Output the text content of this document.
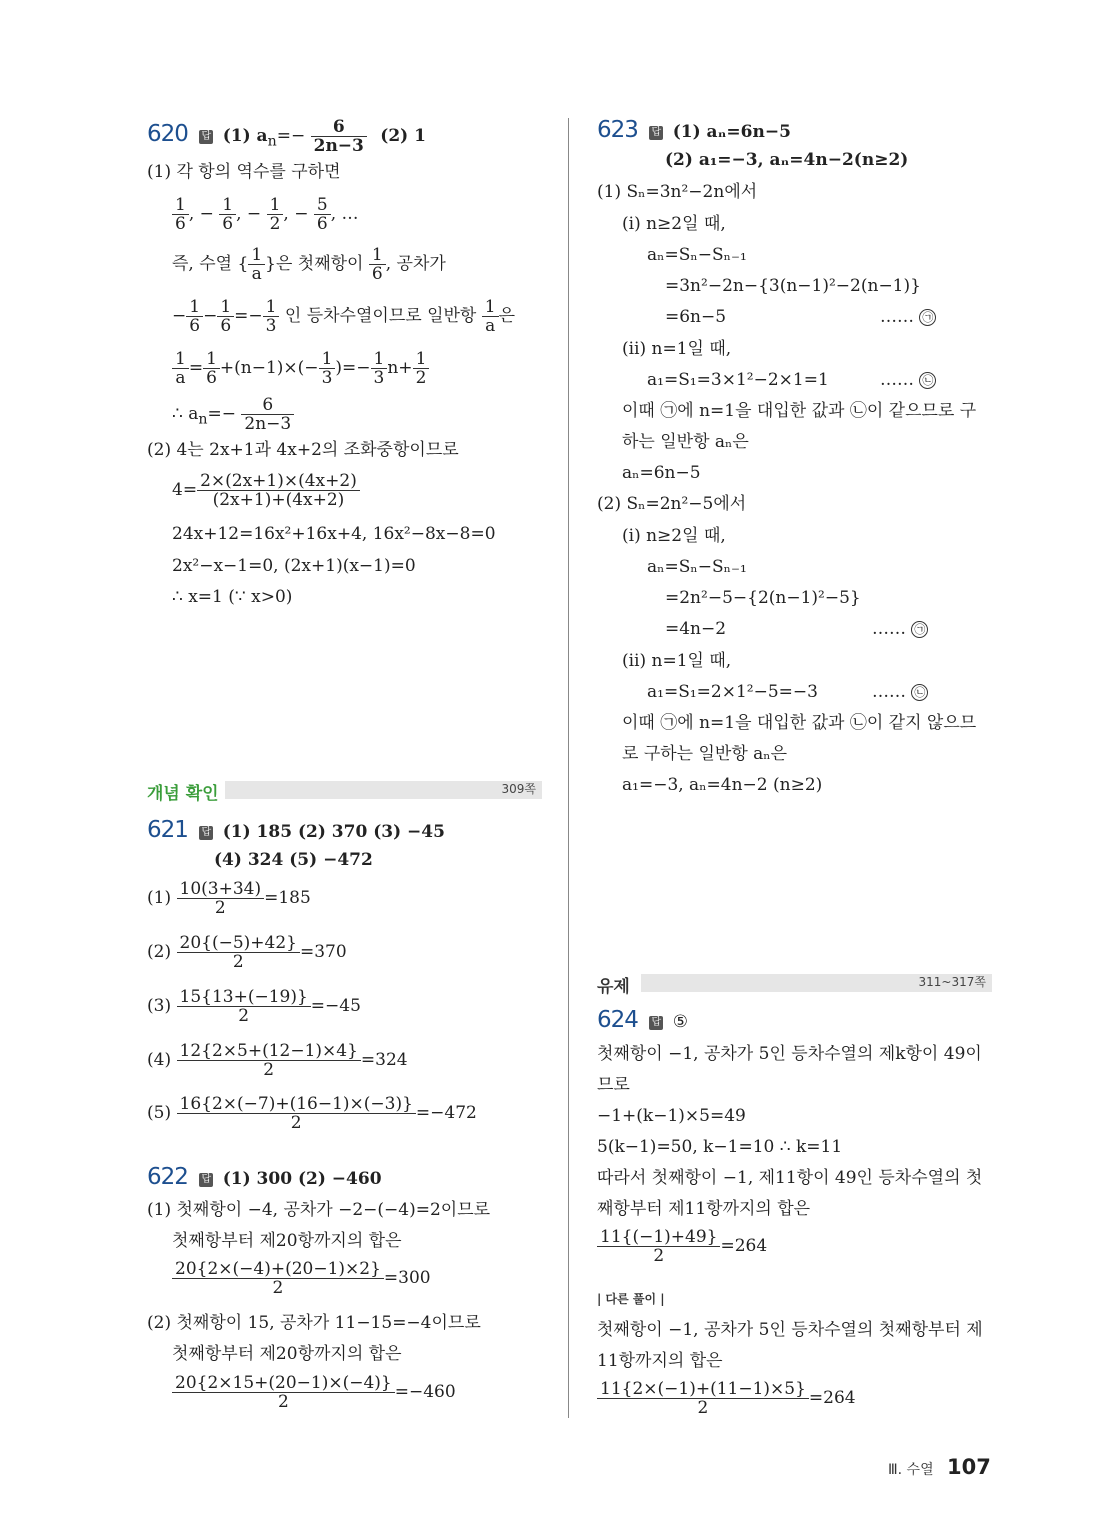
620 답 (1) $a_n=- \frac{6}{2n-3} (2)$ 1
(1) 각 항의 역수를 구하면
$\frac{1}{6}$ , − $\frac{1}{6}$ , − $\frac{1}{2}$ , − $\frac{5}{6}$ , …
즉, 수열 { $\frac{1}{a}$ }은 첫째항이 $\frac{1}{6}$ , 공차가
− $\frac{1}{6} - \frac{1}{6} =- \frac{1}{3}$ 인 등차수열이므로 일반항 $\frac{1}{a}$ 은
$\frac{1}{a} = \frac{1}{6} +(n-1)\times(- \frac{1}{3}$ )=− $\frac{1}{3} n+ \frac{1}{2}$
∴ $a_n=- \frac{6}{2n-3}$
(2) 4는 2x+1과 4x+2의 조화중항이므로
$4= \frac{2\times(2x+1)\times(4x+2)}{(2x+1)+(4x+2)}$
24x+12=16x²+16x+4, 16x²−8x−8=0
2x²−x−1=0, (2x+1)(x−1)=0
∴ x=1 (∵ x>0)
개념 확인	309쪽
621 답 (1) 185 (2) 370 (3) −45
(4) 324 (5) −472
$(1) \frac{10(3+34)}{2} =185$
$(2) \frac{20\{(-5)+42\}}{2} =370$
$(3) \frac{15\{13+(-19)\}}{2} =-45$
$(4) \frac{12\{2\times 5+(12-1)\times 4\}}{2} =324$
$(5) \frac{16\{2\times(-7)+(16-1)\times(-3)\}}{2} =-472$
622 답 (1) 300 (2) −460
(1) 첫째항이 −4, 공차가 −2−(−4)=2이므로
첫째항부터 제20항까지의 합은
$\frac{20\{2\times(-4)+(20-1)\times 2\}}{2} =300$
(2) 첫째항이 15, 공차가 11−15=−4이므로
첫째항부터 제20항까지의 합은
$\frac{20\{2\times 15+(20-1)\times(-4)\}}{2} =-460$
623 답 (1) aₙ=6n−5
(2) a₁=−3, aₙ=4n−2(n≥2)
(1) Sₙ=3n²−2n에서
(ⅰ) n≥2일 때,
aₙ=Sₙ−Sₙ₋₁
=3n²−2n−{3(n−1)²−2(n−1)}
=6n−5	…… ㉠
(ⅱ) n=1일 때,
a₁=S₁=3×1²−2×1=1	…… ㉡
이때 ㉠에 n=1을 대입한 값과 ㉡이 같으므로 구
하는 일반항 aₙ은
aₙ=6n−5
(2) Sₙ=2n²−5에서
(ⅰ) n≥2일 때,
aₙ=Sₙ−Sₙ₋₁
=2n²−5−{2(n−1)²−5}
=4n−2	…… ㉠
(ⅱ) n=1일 때,
a₁=S₁=2×1²−5=−3	…… ㉡
이때 ㉠에 n=1을 대입한 값과 ㉡이 같지 않으므
로 구하는 일반항 aₙ은
a₁=−3, aₙ=4n−2 (n≥2)
유제	311~317쪽
624 답 ⑤
첫째항이 −1, 공차가 5인 등차수열의 제k항이 49이
므로
−1+(k−1)×5=49
5(k−1)=50, k−1=10 ∴ k=11
따라서 첫째항이 −1, 제11항이 49인 등차수열의 첫
째항부터 제11항까지의 합은
$\frac{11\{(-1)+49\}}{2} =264$
| 다른 풀이 |
첫째항이 −1, 공차가 5인 등차수열의 첫째항부터 제
11항까지의 합은
$\frac{11\{2\times(-1)+(11-1)\times 5\}}{2} =264$
Ⅲ. 수열 107
